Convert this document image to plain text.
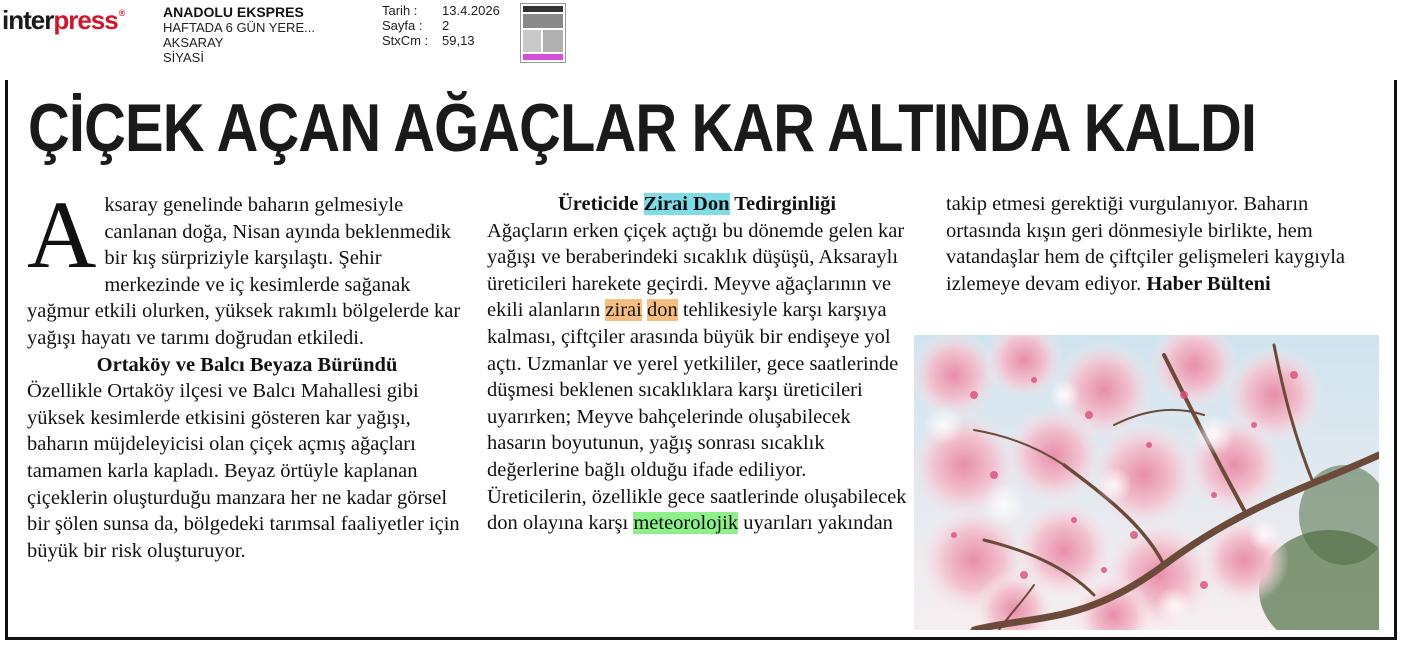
inter press ®	ANADOLU EKSPRES
HAFTADA 6 GÜN YERE...
AKSARAY
SİYASİ
Tarih :	13.4.2026
Sayfa :	2
StxCm :	59,13
ÇİÇEK AÇAN AĞAÇLAR KAR ALTINDA KALDI
A ksaray genelinde baharın gelmesiyle canlanan doğa, Nisan ayında beklenmedik bir kış sürpriziyle karşılaştı. Şehir merkezinde ve iç kesimlerde sağanak yağmur etkili olurken, yüksek rakımlı bölgelerde kar yağışı hayatı ve tarımı doğrudan etkiledi.

Ortaköy ve Balcı Beyaza Büründü

Özellikle Ortaköy ilçesi ve Balcı Mahallesi gibi yüksek kesimlerde etkisini gösteren kar yağışı, baharın müjdeleyicisi olan çiçek açmış ağaçları tamamen karla kapladı. Beyaz örtüyle kaplanan çiçeklerin oluşturduğu manzara her ne kadar görsel bir şölen sunsa da, bölgedeki tarımsal faaliyetler için büyük bir risk oluşturuyor.

Üreticide Zirai Don Tedirginliği

Ağaçların erken çiçek açtığı bu dönemde gelen kar yağışı ve beraberindeki sıcaklık düşüşü, Aksaraylı üreticileri harekete geçirdi. Meyve ağaçlarının ve ekili alanların zirai don tehlikesiyle karşı karşıya kalması, çiftçiler arasında büyük bir endişeye yol açtı. Uzmanlar ve yerel yetkililer, gece saatlerinde düşmesi beklenen sıcaklıklara karşı üreticileri uyarırken; Meyve bahçelerinde oluşabilecek hasarın boyutunun, yağış sonrası sıcaklık değerlerine bağlı olduğu ifade ediliyor. Üreticilerin, özellikle gece saatlerinde oluşabilecek don olayına karşı meteorolojik uyarıları yakından

takip etmesi gerektiği vurgulanıyor. Baharın ortasında kışın geri dönmesiyle birlikte, hem vatandaşlar hem de çiftçiler gelişmeleri kaygıyla izlemeye devam ediyor. Haber Bülteni
